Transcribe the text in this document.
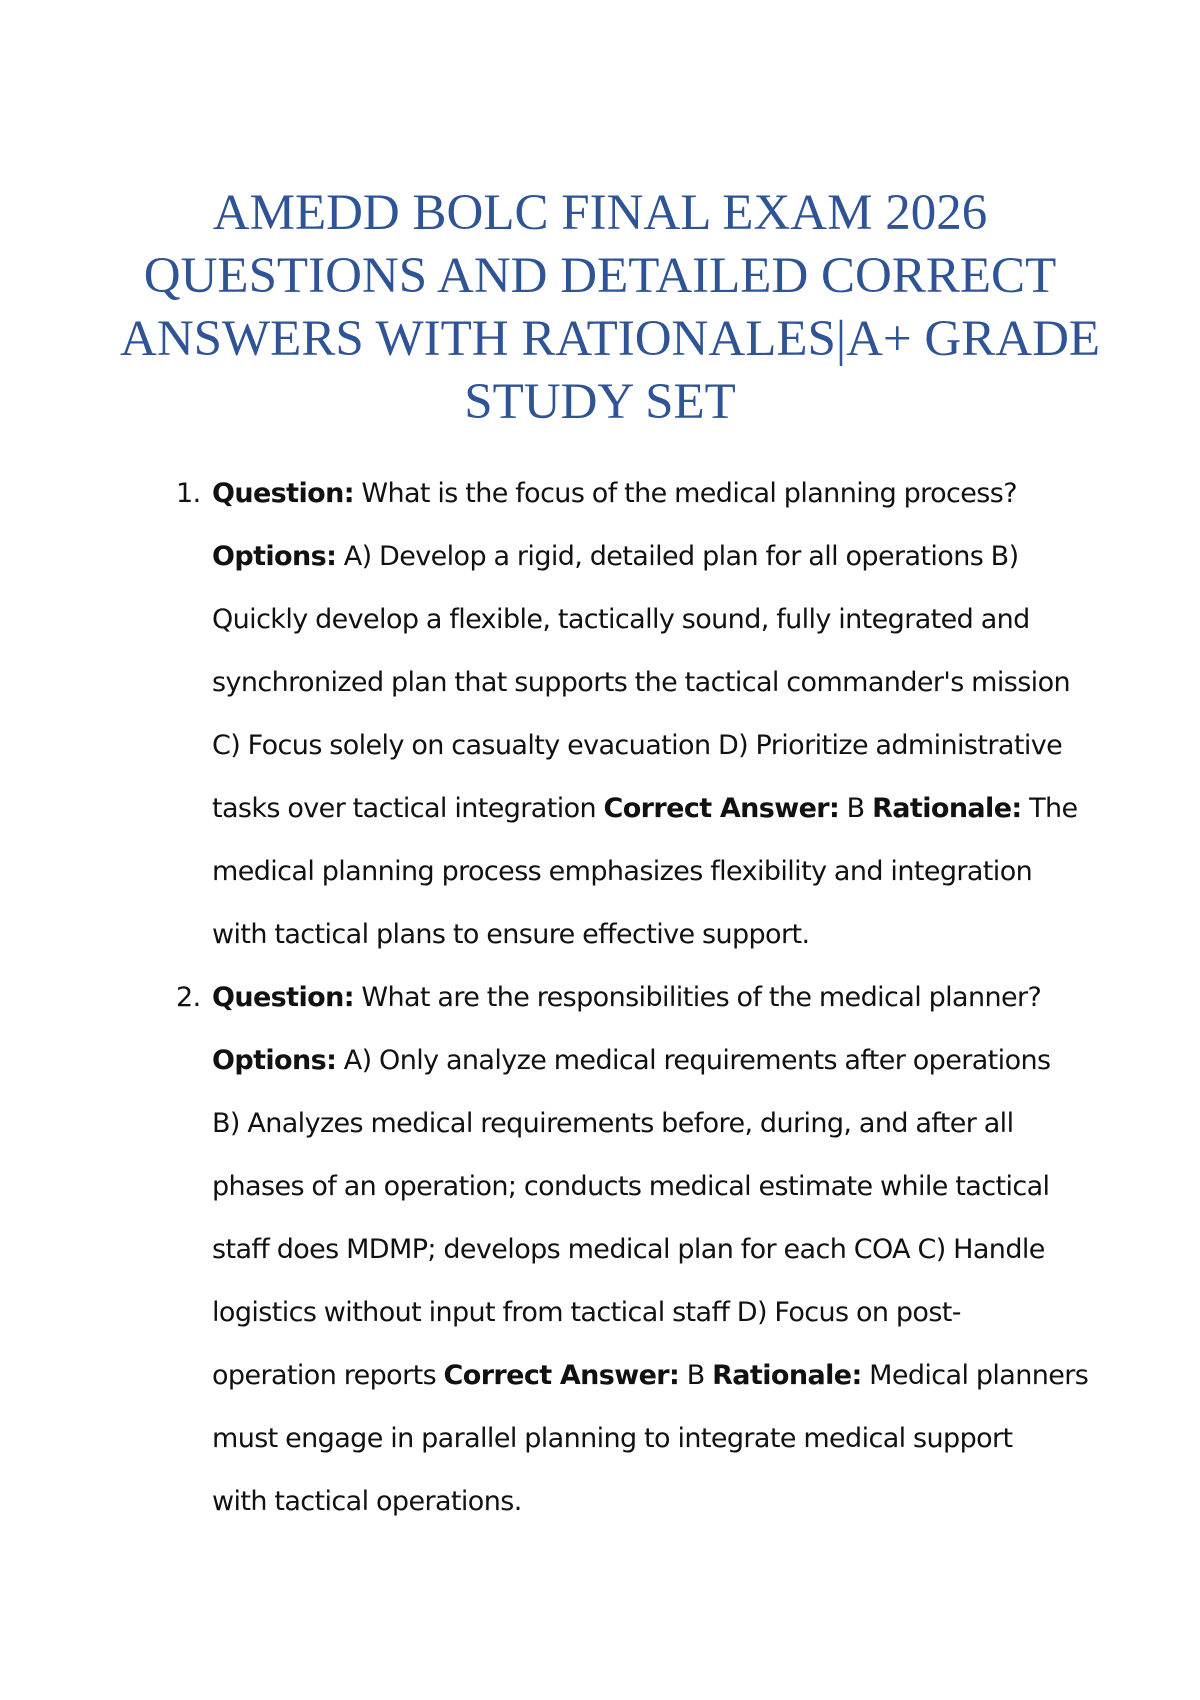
AMEDD BOLC FINAL EXAM 2026
QUESTIONS AND DETAILED CORRECT
ANSWERS WITH RATIONALES|A+ GRADE
STUDY SET
1. Question: What is the focus of the medical planning process?
Options: A) Develop a rigid, detailed plan for all operations B)
Quickly develop a flexible, tactically sound, fully integrated and
synchronized plan that supports the tactical commander's mission
C) Focus solely on casualty evacuation D) Prioritize administrative
tasks over tactical integration Correct Answer: B Rationale: The
medical planning process emphasizes flexibility and integration
with tactical plans to ensure effective support.
2. Question: What are the responsibilities of the medical planner?
Options: A) Only analyze medical requirements after operations
B) Analyzes medical requirements before, during, and after all
phases of an operation; conducts medical estimate while tactical
staff does MDMP; develops medical plan for each COA C) Handle
logistics without input from tactical staff D) Focus on post-
operation reports Correct Answer: B Rationale: Medical planners
must engage in parallel planning to integrate medical support
with tactical operations.
